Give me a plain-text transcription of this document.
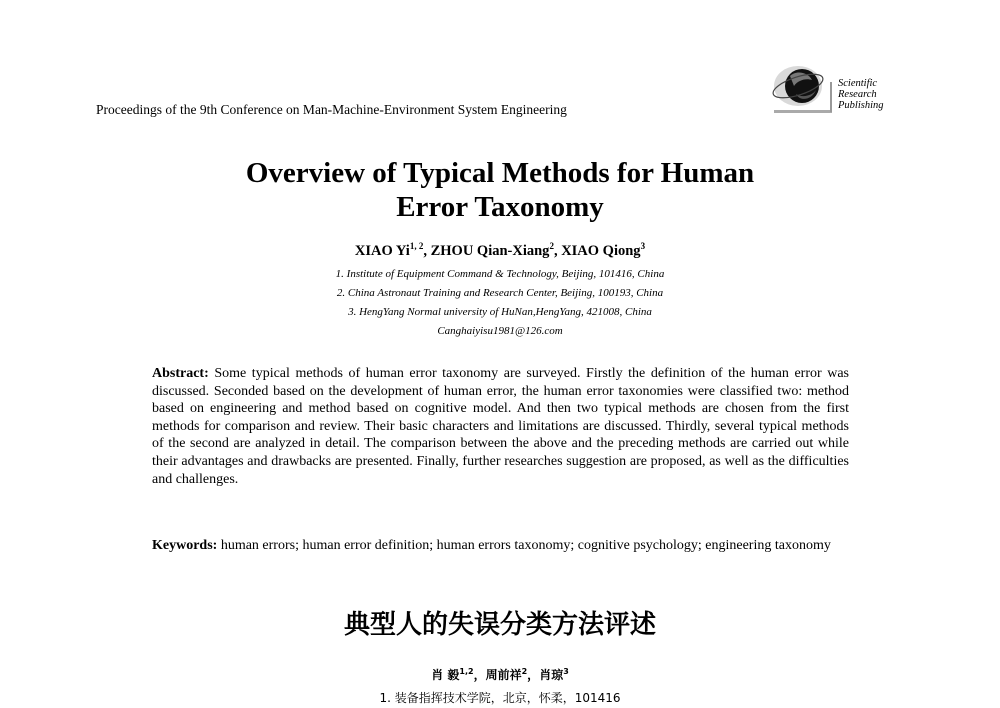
Proceedings of the 9th Conference on Man-Machine-Environment System Engineering
Scientific
Research
Publishing
Overview of Typical Methods for Human
Error Taxonomy
XIAO Yi$^{1, 2}$, ZHOU Qian-Xiang$^2$, XIAO Qiong$^3$
1. Institute of Equipment Command & Technology, Beijing, 101416, China
2. China Astronaut Training and Research Center, Beijing, 100193, China
3. HengYang Normal university of HuNan,HengYang, 421008, China
Canghaiyisu1981@126.com
Abstract: Some typical methods of human error taxonomy are surveyed. Firstly the definition of the human error was discussed. Seconded based on the development of human error, the human error taxonomies were classified two: method based on engineering and method based on cognitive model. And then two typical methods are chosen from the first methods for comparison and review. Their basic characters and limitations are discussed. Thirdly, several typical methods of the second are analyzed in detail. The comparison between the above and the preceding methods are carried out while their advantages and drawbacks are presented. Finally, further researches suggestion are proposed, as well as the difficulties and challenges.
Keywords: human errors; human error definition; human errors taxonomy; cognitive psychology; engineering taxonomy
典型人的失误分类方法评述
肖 毅$^{1,2}$，周前祥$^2$，肖琼$^3$
1. 装备指挥技术学院，北京，怀柔，101416
